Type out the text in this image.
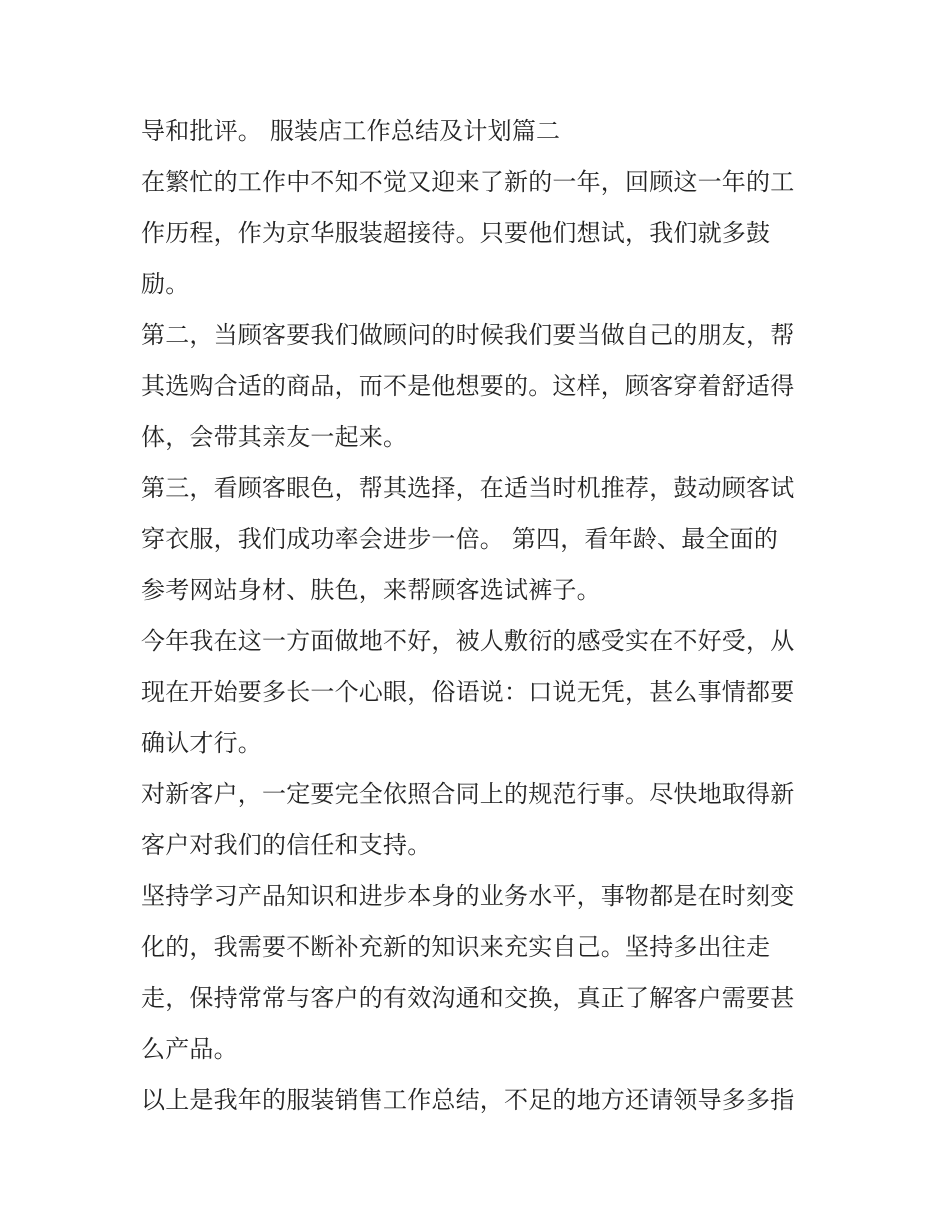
导和批评。 服装店工作总结及计划篇二
在繁忙的工作中不知不觉又迎来了新的一年，回顾这一年的工
作历程，作为京华服装超接待。只要他们想试，我们就多鼓
励。
第二，当顾客要我们做顾问的时候我们要当做自己的朋友，帮
其选购合适的商品，而不是他想要的。这样，顾客穿着舒适得
体，会带其亲友一起来。
第三，看顾客眼色，帮其选择，在适当时机推荐，鼓动顾客试
穿衣服，我们成功率会进步一倍。 第四，看年龄、最全面的
参考网站身材、肤色，来帮顾客选试裤子。
今年我在这一方面做地不好，被人敷衍的感受实在不好受，从
现在开始要多长一个心眼，俗语说：口说无凭，甚么事情都要
确认才行。
对新客户，一定要完全依照合同上的规范行事。尽快地取得新
客户对我们的信任和支持。
坚持学习产品知识和进步本身的业务水平，事物都是在时刻变
化的，我需要不断补充新的知识来充实自己。坚持多出往走
走，保持常常与客户的有效沟通和交换，真正了解客户需要甚
么产品。
以上是我年的服装销售工作总结，不足的地方还请领导多多指
